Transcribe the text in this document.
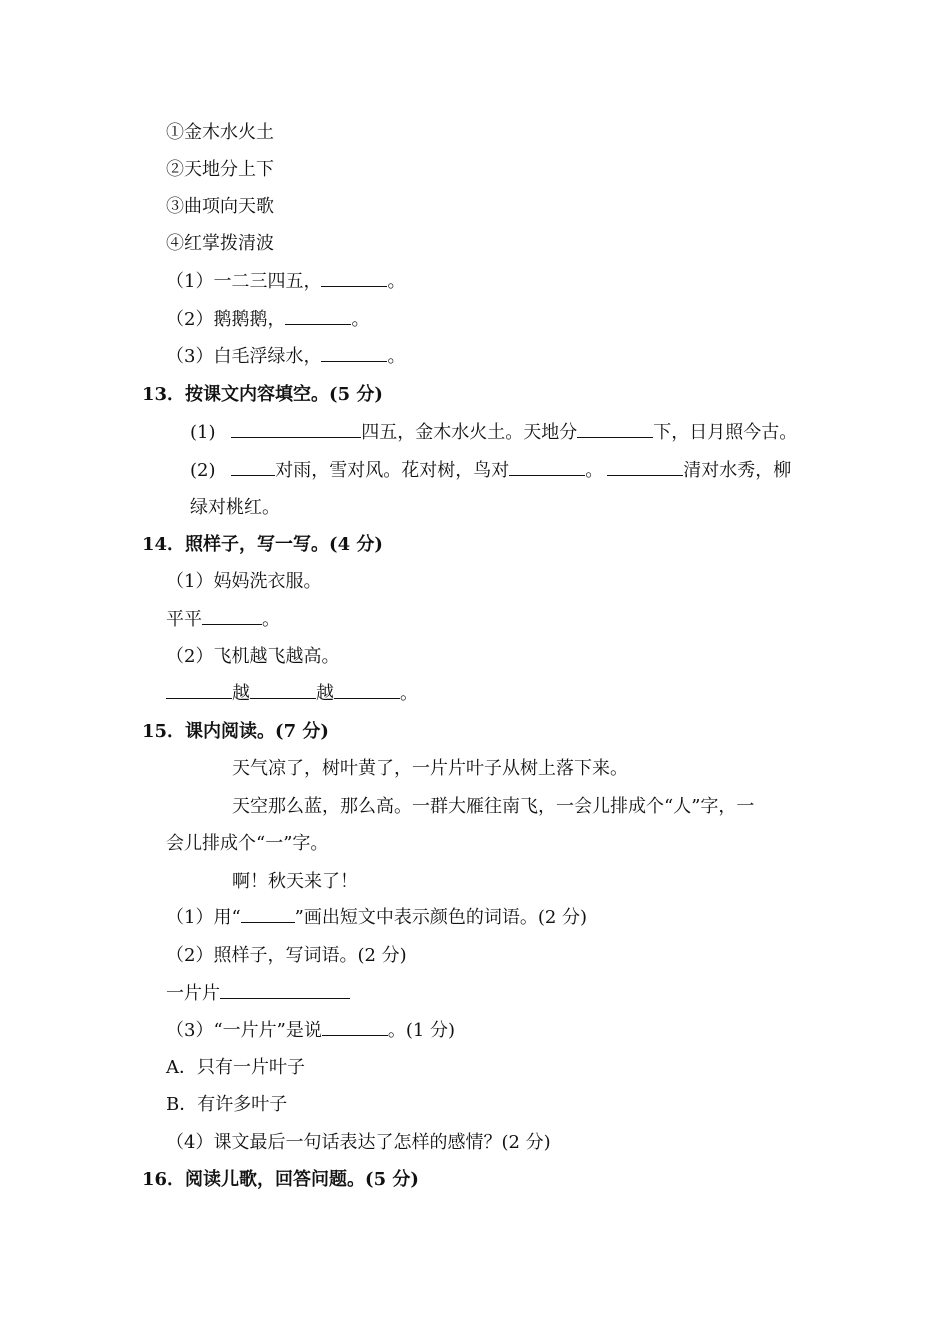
①金木水火土
②天地分上下
③曲项向天歌
④红掌拨清波
（1）一二三四五，	。
（2）鹅鹅鹅，	。
（3）白毛浮绿水，	。
13．按课文内容填空。(5 分)
(1)	四五，金木水火土。天地分	下，日月照今古。
(2)	对雨，雪对风。花对树，鸟对	。	清对水秀，柳
绿对桃红。
14．照样子，写一写。(4 分)
（1）妈妈洗衣服。
平平	。
（2）飞机越飞越高。
越	越	。
15．课内阅读。(7 分)
天气凉了，树叶黄了，一片片叶子从树上落下来。
天空那么蓝，那么高。一群大雁往南飞，一会儿排成个“人”字，一
会儿排成个“一”字。
啊！秋天来了！
（1）用“	”画出短文中表示颜色的词语。(2 分)
（2）照样子，写词语。(2 分)
一片片
（3）“一片片”是说	。(1 分)
A．只有一片叶子
B．有许多叶子
（4）课文最后一句话表达了怎样的感情？(2 分)
16．阅读儿歌，回答问题。(5 分)
